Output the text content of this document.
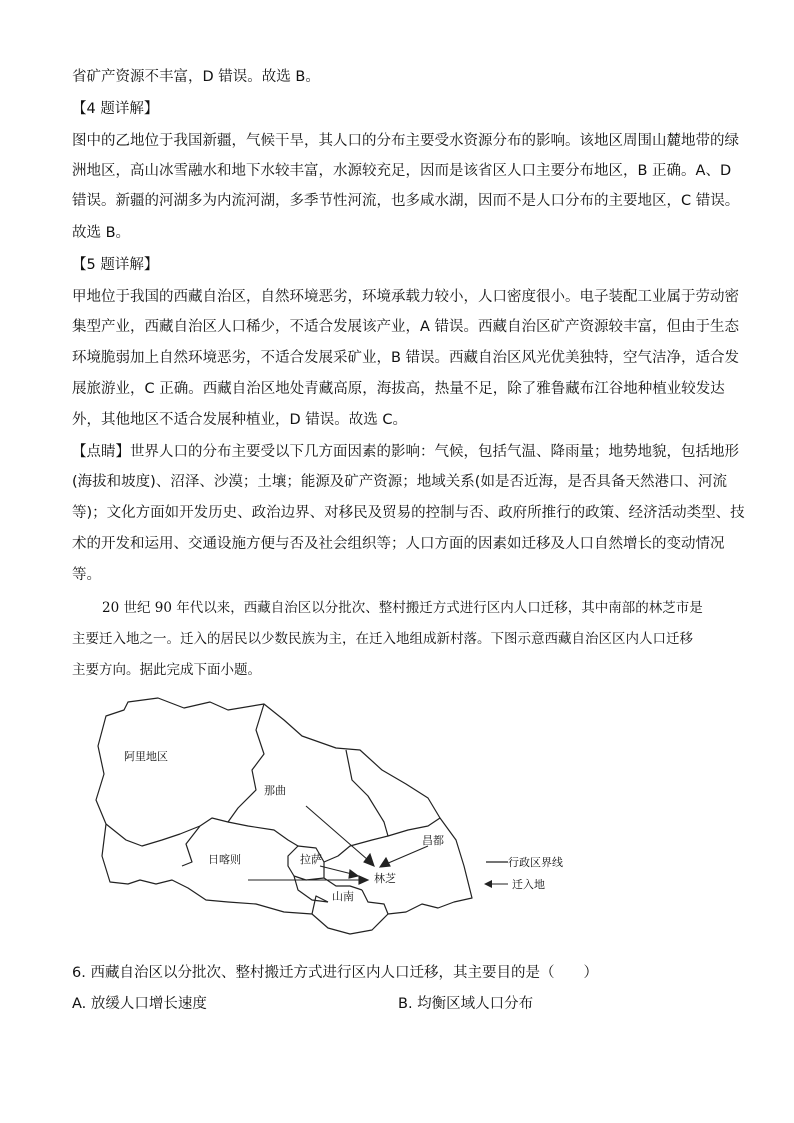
省矿产资源不丰富，D 错误。故选 B。
【4 题详解】
图中的乙地位于我国新疆，气候干旱，其人口的分布主要受水资源分布的影响。该地区周围山麓地带的绿
洲地区，高山冰雪融水和地下水较丰富，水源较充足，因而是该省区人口主要分布地区，B 正确。A、D
错误。新疆的河湖多为内流河湖，多季节性河流，也多咸水湖，因而不是人口分布的主要地区，C 错误。
故选 B。
【5 题详解】
甲地位于我国的西藏自治区，自然环境恶劣，环境承载力较小，人口密度很小。电子装配工业属于劳动密
集型产业，西藏自治区人口稀少，不适合发展该产业，A 错误。西藏自治区矿产资源较丰富，但由于生态
环境脆弱加上自然环境恶劣，不适合发展采矿业，B 错误。西藏自治区风光优美独特，空气洁净，适合发
展旅游业，C 正确。西藏自治区地处青藏高原，海拔高，热量不足，除了雅鲁藏布江谷地种植业较发达
外，其他地区不适合发展种植业，D 错误。故选 C。
【点睛】世界人口的分布主要受以下几方面因素的影响：气候，包括气温、降雨量；地势地貌，包括地形
(海拔和坡度)、沼泽、沙漠；土壤；能源及矿产资源；地域关系(如是否近海，是否具备天然港口、河流
等)；文化方面如开发历史、政治边界、对移民及贸易的控制与否、政府所推行的政策、经济活动类型、技
术的开发和运用、交通设施方便与否及社会组织等；人口方面的因素如迁移及人口自然增长的变动情况
等。
20 世纪 90 年代以来，西藏自治区以分批次、整村搬迁方式进行区内人口迁移，其中南部的林芝市是
主要迁入地之一。迁入的居民以少数民族为主，在迁入地组成新村落。下图示意西藏自治区区内人口迁移
主要方向。据此完成下面小题。
阿里地区
那曲
昌都
日喀则	拉萨
林芝
山南
行政区界线
迁入地
6. 西藏自治区以分批次、整村搬迁方式进行区内人口迁移，其主要目的是（　　）
A. 放缓人口增长速度	B. 均衡区域人口分布
